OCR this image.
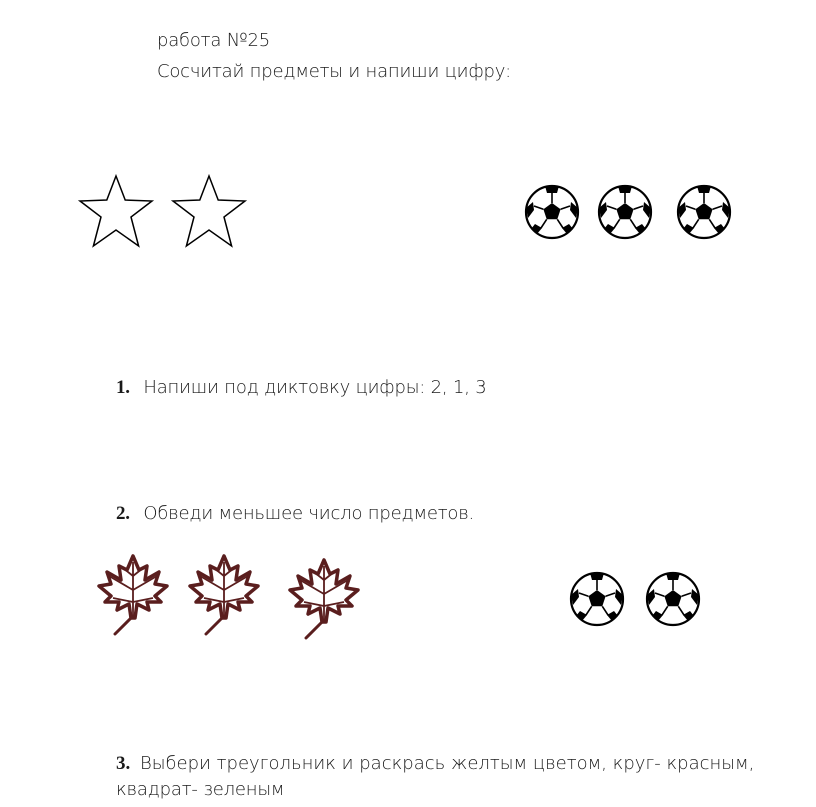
работа №25
Сосчитай предметы и напиши цифру:
1. Напиши под диктовку цифры: 2, 1, 3
2. Обведи меньшее число предметов.
3. Выбери треугольник и раскрась желтым цветом, круг- красным,
квадрат- зеленым
